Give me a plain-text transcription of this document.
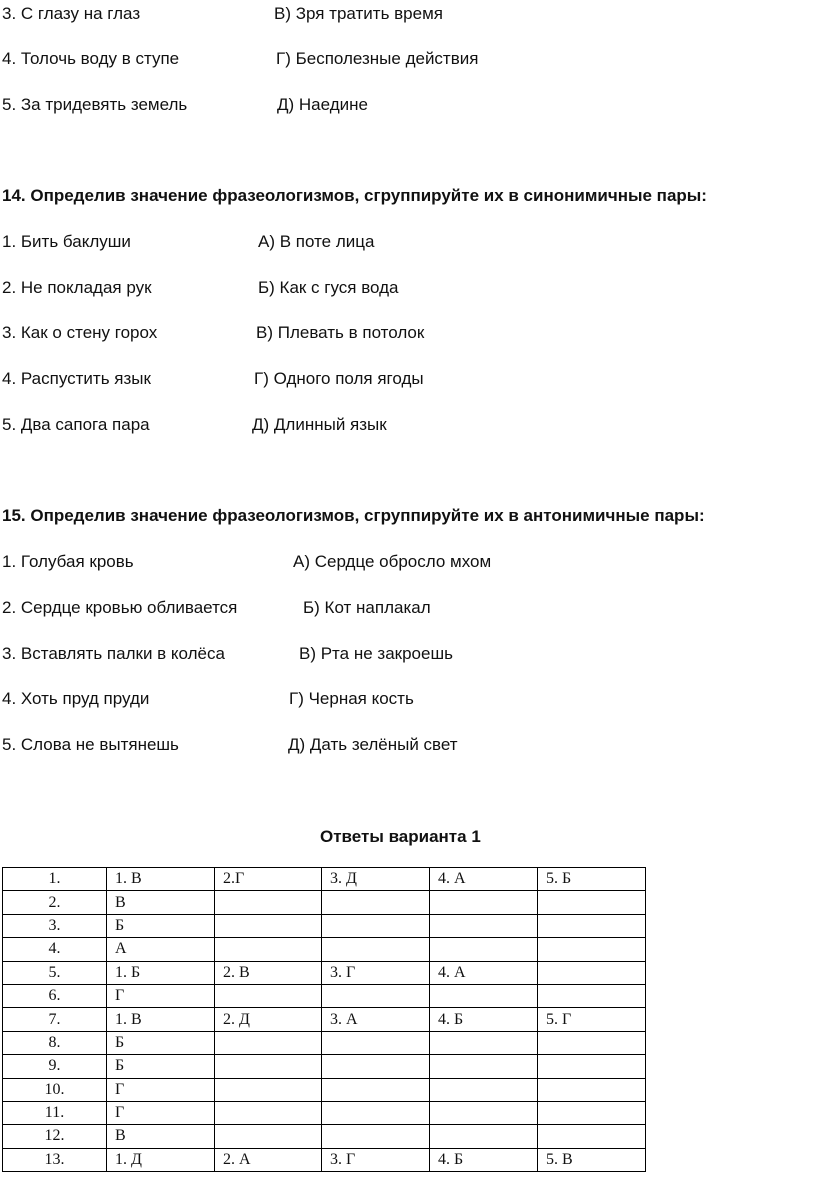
3. С глазу на глаз	В) Зря тратить время
4. Толочь воду в ступе	Г) Бесполезные действия
5. За тридевять земель	Д) Наедине
14. Определив значение фразеологизмов, сгруппируйте их в синонимичные пары:
1. Бить баклуши	А) В поте лица
2. Не покладая рук	Б) Как с гуся вода
3. Как о стену горох	В) Плевать в потолок
4. Распустить язык	Г) Одного поля ягоды
5. Два сапога пара	Д) Длинный язык
15. Определив значение фразеологизмов, сгруппируйте их в антонимичные пары:
1. Голубая кровь	А) Сердце обросло мхом
2. Сердце кровью обливается	Б) Кот наплакал
3. Вставлять палки в колёса	В) Рта не закроешь
4. Хоть пруд пруди	Г) Черная кость
5. Слова не вытянешь	Д) Дать зелёный свет
Ответы варианта 1
1.	1. В	2.Г	3. Д	4. А	5. Б
2.	В				
3.	Б				
4.	А				
5.	1. Б	2. В	3. Г	4. А	
6.	Г				
7.	1. В	2. Д	3. А	4. Б	5. Г
8.	Б				
9.	Б				
10.	Г				
11.	Г				
12.	В				
13.	1. Д	2. А	3. Г	4. Б	5. В
